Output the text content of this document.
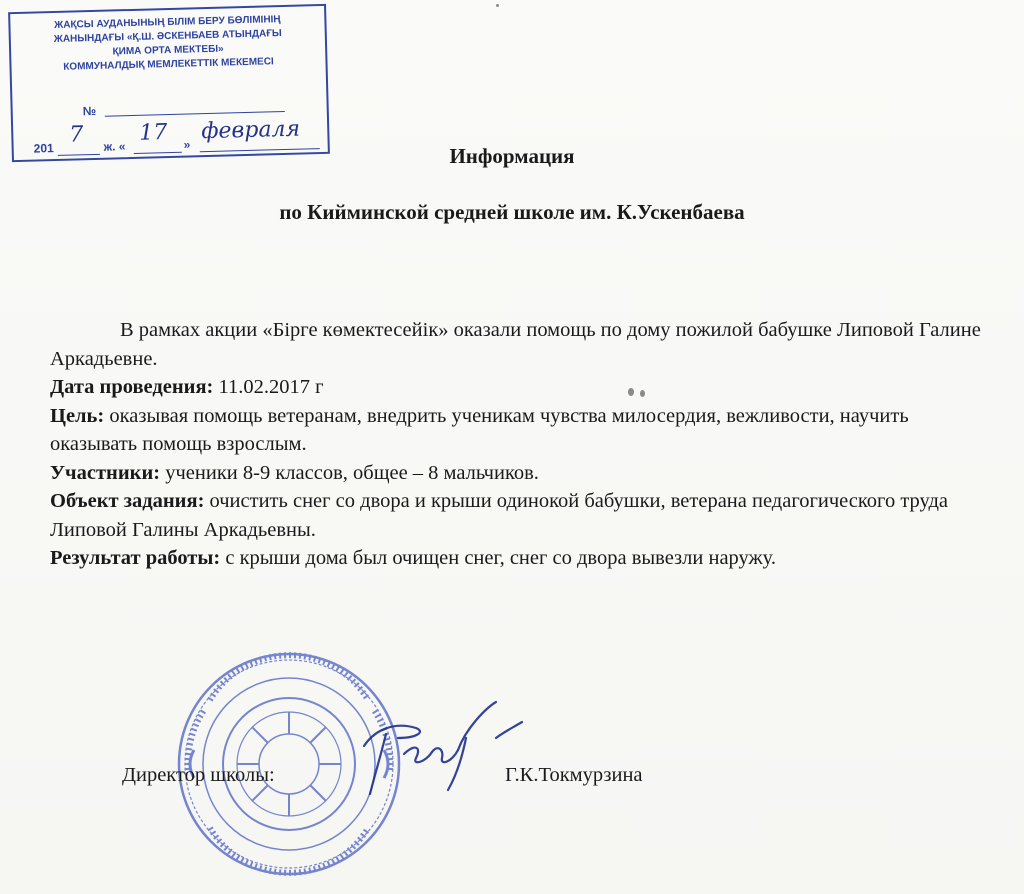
ЖАҚСЫ АУДАНЫНЫҢ БІЛІМ БЕРУ БӨЛІМІНІҢ
ЖАНЫНДАҒЫ «Қ.Ш. ӘСКЕНБАЕВ АТЫНДАҒЫ
ҚИМА ОРТА МЕКТЕБІ»
КОММУНАЛДЫҚ МЕМЛЕКЕТТІК МЕКЕМЕСІ
№
201
7 ж. «
17 »
февраля
Информация
по Кийминской средней школе им. К.Ускенбаева

В рамках акции «Бірге көмектесейік» оказали помощь по дому пожилой бабушке Липовой Галине Аркадьевне.

Дата проведения: 11.02.2017 г

Цель: оказывая помощь ветеранам, внедрить ученикам чувства милосердия, вежливости, научить оказывать помощь взрослым.

Участники: ученики 8-9 классов, общее – 8 мальчиков.

Объект задания: очистить снег со двора и крыши одинокой бабушки, ветерана педагогического труда Липовой Галины Аркадьевны.

Результат работы: с крыши дома был очищен снег, снег со двора вывезли наружу.

Директор школы:	Г.К.Токмурзина
